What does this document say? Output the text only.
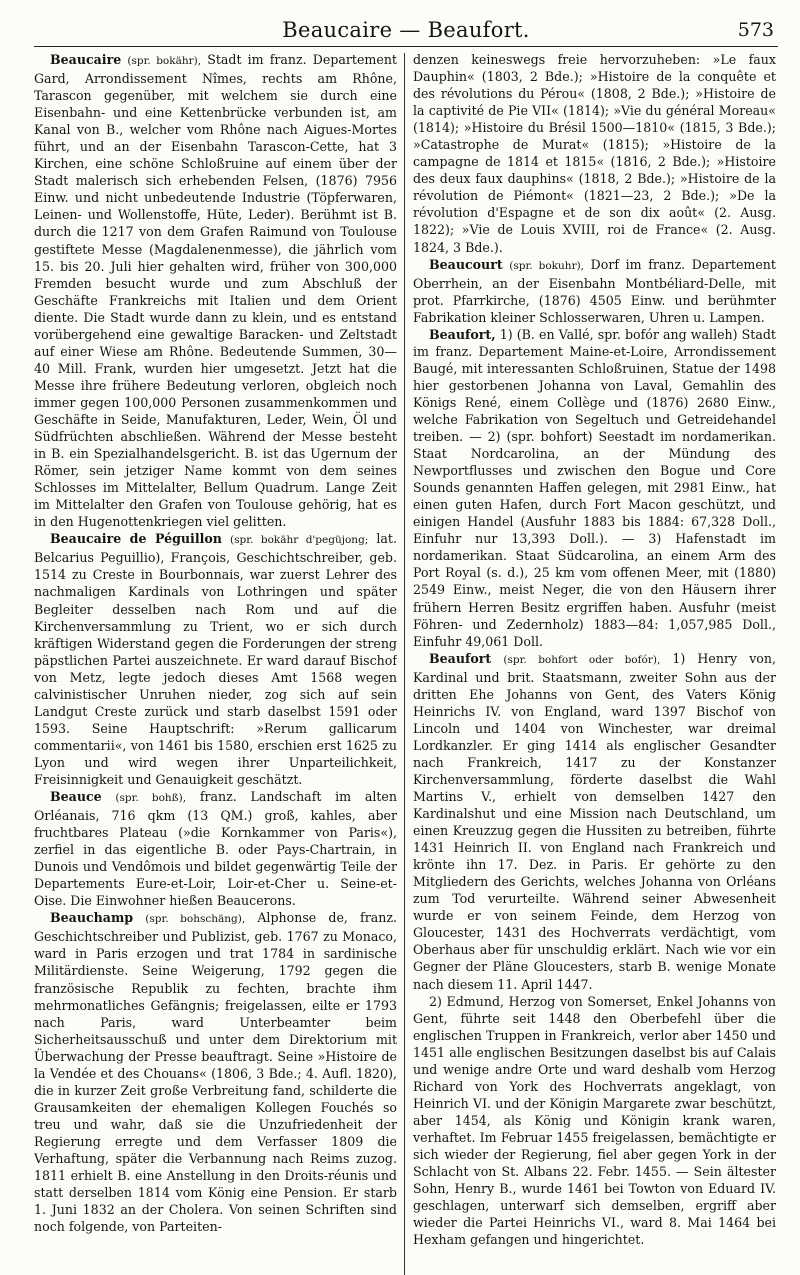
Beaucaire — Beaufort.	573

Beaucaire (spr. bokähr), Stadt im franz. Departement Gard, Arrondissement Nîmes, rechts am Rhône, Tarascon gegenüber, mit welchem sie durch eine Eisenbahn- und eine Kettenbrücke verbunden ist, am Kanal von B., welcher vom Rhône nach Aigues-Mortes führt, und an der Eisenbahn Tarascon-Cette, hat 3 Kirchen, eine schöne Schloßruine auf einem über der Stadt malerisch sich erhebenden Felsen, (1876) 7956 Einw. und nicht unbedeutende Industrie (Töpferwaren, Leinen- und Wollenstoffe, Hüte, Leder). Berühmt ist B. durch die 1217 von dem Grafen Raimund von Toulouse gestiftete Messe (Magdalenenmesse), die jährlich vom 15. bis 20. Juli hier gehalten wird, früher von 300,000 Fremden besucht wurde und zum Abschluß der Geschäfte Frankreichs mit Italien und dem Orient diente. Die Stadt wurde dann zu klein, und es entstand vorübergehend eine gewaltige Baracken- und Zeltstadt auf einer Wiese am Rhône. Bedeutende Summen, 30—40 Mill. Frank, wurden hier umgesetzt. Jetzt hat die Messe ihre frühere Bedeutung verloren, obgleich noch immer gegen 100,000 Personen zusammenkommen und Geschäfte in Seide, Manufakturen, Leder, Wein, Öl und Südfrüchten abschließen. Während der Messe besteht in B. ein Spezialhandelsgericht. B. ist das Ugernum der Römer, sein jetziger Name kommt von dem seines Schlosses im Mittelalter, Bellum Quadrum. Lange Zeit im Mittelalter den Grafen von Toulouse gehörig, hat es in den Hugenottenkriegen viel gelitten.

Beaucaire de Péguillon (spr. bokähr d'pegüjong; lat. Belcarius Peguillio), François, Geschichtschreiber, geb. 1514 zu Creste in Bourbonnais, war zuerst Lehrer des nachmaligen Kardinals von Lothringen und später Begleiter desselben nach Rom und auf die Kirchenversammlung zu Trient, wo er sich durch kräftigen Widerstand gegen die Forderungen der streng päpstlichen Partei auszeichnete. Er ward darauf Bischof von Metz, legte jedoch dieses Amt 1568 wegen calvinistischer Unruhen nieder, zog sich auf sein Landgut Creste zurück und starb daselbst 1591 oder 1593. Seine Hauptschrift: »Rerum gallicarum commentarii«, von 1461 bis 1580, erschien erst 1625 zu Lyon und wird wegen ihrer Unparteilichkeit, Freisinnigkeit und Genauigkeit geschätzt.

Beauce (spr. bohß), franz. Landschaft im alten Orléanais, 716 qkm (13 QM.) groß, kahles, aber fruchtbares Plateau (»die Kornkammer von Paris«), zerfiel in das eigentliche B. oder Pays-Chartrain, in Dunois und Vendômois und bildet gegenwärtig Teile der Departements Eure-et-Loir, Loir-et-Cher u. Seine-et-Oise. Die Einwohner hießen Beaucerons.

Beauchamp (spr. bohschäng), Alphonse de, franz. Geschichtschreiber und Publizist, geb. 1767 zu Monaco, ward in Paris erzogen und trat 1784 in sardinische Militärdienste. Seine Weigerung, 1792 gegen die französische Republik zu fechten, brachte ihm mehrmonatliches Gefängnis; freigelassen, eilte er 1793 nach Paris, ward Unterbeamter beim Sicherheitsausschuß und unter dem Direktorium mit Überwachung der Presse beauftragt. Seine »Histoire de la Vendée et des Chouans« (1806, 3 Bde.; 4. Aufl. 1820), die in kurzer Zeit große Verbreitung fand, schilderte die Grausamkeiten der ehemaligen Kollegen Fouchés so treu und wahr, daß sie die Unzufriedenheit der Regierung erregte und dem Verfasser 1809 die Verhaftung, später die Verbannung nach Reims zuzog. 1811 erhielt B. eine Anstellung in den Droits-réunis und statt derselben 1814 vom König eine Pension. Er starb 1. Juni 1832 an der Cholera. Von seinen Schriften sind noch folgende, von Parteiten-

denzen keineswegs freie hervorzuheben: »Le faux Dauphin« (1803, 2 Bde.); »Histoire de la conquête et des révolutions du Pérou« (1808, 2 Bde.); »Histoire de la captivité de Pie VII« (1814); »Vie du général Moreau« (1814); »Histoire du Brésil 1500—1810« (1815, 3 Bde.); »Catastrophe de Murat« (1815); »Histoire de la campagne de 1814 et 1815« (1816, 2 Bde.); »Histoire des deux faux dauphins« (1818, 2 Bde.); »Histoire de la révolution de Piémont« (1821—23, 2 Bde.); »De la révolution d'Espagne et de son dix août« (2. Ausg. 1822); »Vie de Louis XVIII, roi de France« (2. Ausg. 1824, 3 Bde.).

Beaucourt (spr. bokuhr), Dorf im franz. Departement Oberrhein, an der Eisenbahn Montbéliard-Delle, mit prot. Pfarrkirche, (1876) 4505 Einw. und berühmter Fabrikation kleiner Schlosserwaren, Uhren u. Lampen.

Beaufort, 1) (B. en Vallé, spr. bofór ang walleh) Stadt im franz. Departement Maine-et-Loire, Arrondissement Baugé, mit interessanten Schloßruinen, Statue der 1498 hier gestorbenen Johanna von Laval, Gemahlin des Königs René, einem Collège und (1876) 2680 Einw., welche Fabrikation von Segeltuch und Getreidehandel treiben. — 2) (spr. bohfort) Seestadt im nordamerikan. Staat Nordcarolina, an der Mündung des Newportflusses und zwischen den Bogue und Core Sounds genannten Haffen gelegen, mit 2981 Einw., hat einen guten Hafen, durch Fort Macon geschützt, und einigen Handel (Ausfuhr 1883 bis 1884: 67,328 Doll., Einfuhr nur 13,393 Doll.). — 3) Hafenstadt im nordamerikan. Staat Südcarolina, an einem Arm des Port Royal (s. d.), 25 km vom offenen Meer, mit (1880) 2549 Einw., meist Neger, die von den Häusern ihrer frühern Herren Besitz ergriffen haben. Ausfuhr (meist Föhren- und Zedernholz) 1883—84: 1,057,985 Doll., Einfuhr 49,061 Doll.

Beaufort (spr. bohfort oder bofór), 1) Henry von, Kardinal und brit. Staatsmann, zweiter Sohn aus der dritten Ehe Johanns von Gent, des Vaters König Heinrichs IV. von England, ward 1397 Bischof von Lincoln und 1404 von Winchester, war dreimal Lordkanzler. Er ging 1414 als englischer Gesandter nach Frankreich, 1417 zu der Konstanzer Kirchenversammlung, förderte daselbst die Wahl Martins V., erhielt von demselben 1427 den Kardinalshut und eine Mission nach Deutschland, um einen Kreuzzug gegen die Hussiten zu betreiben, führte 1431 Heinrich II. von England nach Frankreich und krönte ihn 17. Dez. in Paris. Er gehörte zu den Mitgliedern des Gerichts, welches Johanna von Orléans zum Tod verurteilte. Während seiner Abwesenheit wurde er von seinem Feinde, dem Herzog von Gloucester, 1431 des Hochverrats verdächtigt, vom Oberhaus aber für unschuldig erklärt. Nach wie vor ein Gegner der Pläne Gloucesters, starb B. wenige Monate nach diesem 11. April 1447.

2) Edmund, Herzog von Somerset, Enkel Johanns von Gent, führte seit 1448 den Oberbefehl über die englischen Truppen in Frankreich, verlor aber 1450 und 1451 alle englischen Besitzungen daselbst bis auf Calais und wenige andre Orte und ward deshalb vom Herzog Richard von York des Hochverrats angeklagt, von Heinrich VI. und der Königin Margarete zwar beschützt, aber 1454, als König und Königin krank waren, verhaftet. Im Februar 1455 freigelassen, bemächtigte er sich wieder der Regierung, fiel aber gegen York in der Schlacht von St. Albans 22. Febr. 1455. — Sein ältester Sohn, Henry B., wurde 1461 bei Towton von Eduard IV. geschlagen, unterwarf sich demselben, ergriff aber wieder die Partei Heinrichs VI., ward 8. Mai 1464 bei Hexham gefangen und hingerichtet.
